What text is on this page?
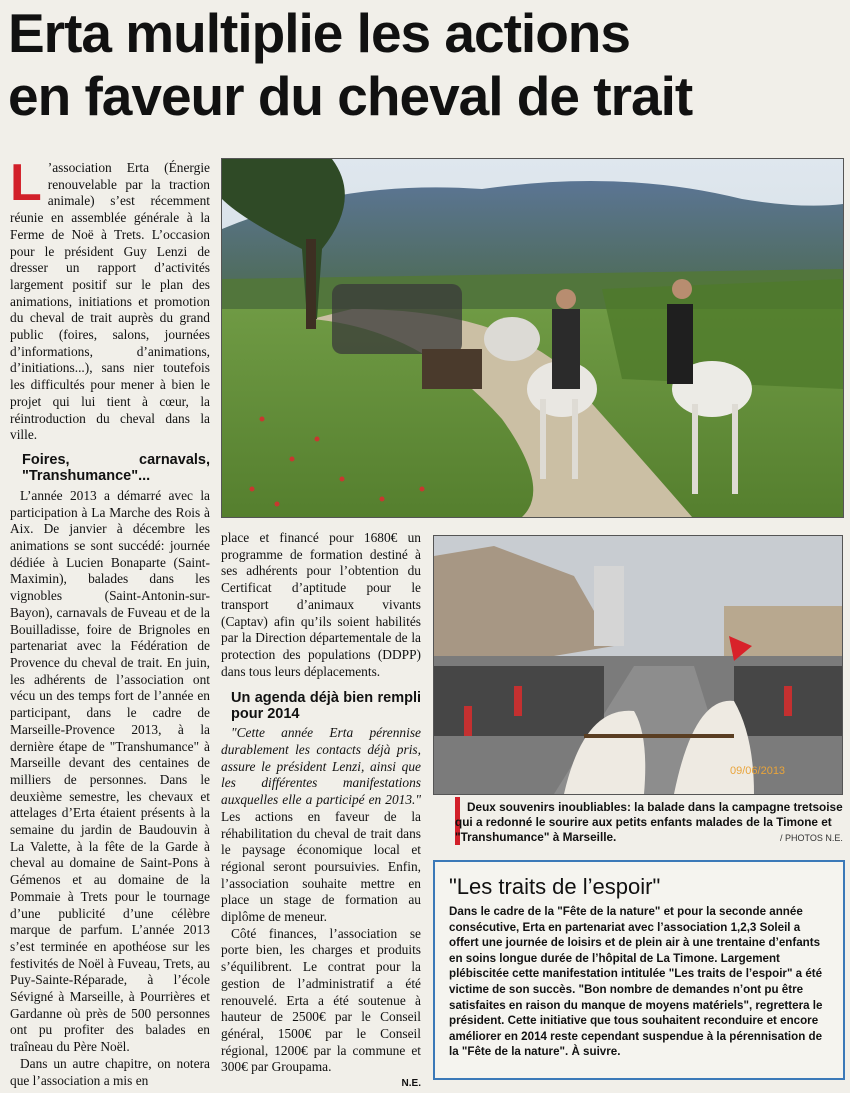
Erta multiplie les actions
en faveur du cheval de trait

L ’association Erta (Énergie renouvelable par la traction animale) s’est récemment réunie en assemblée générale à la Ferme de Noë à Trets. L’occasion pour le président Guy Lenzi de dresser un rapport d’activités largement positif sur le plan des animations, initiations et promotion du cheval de trait auprès du grand public (foires, salons, journées d’informations, d’animations, d’initiations...), sans nier toutefois les difficultés pour mener à bien le projet qui lui tient à cœur, la réintroduction du cheval dans la ville.

Foires, carnavals, "Transhumance"...

L’année 2013 a démarré avec la participation à La Marche des Rois à Aix. De janvier à décembre les animations se sont succédé: journée dédiée à Lucien Bonaparte (Saint-Maximin), balades dans les vignobles (Saint-Antonin-sur-Bayon), carnavals de Fuveau et de la Bouilladisse, foire de Brignoles en partenariat avec la Fédération de Provence du cheval de trait. En juin, les adhérents de l’association ont vécu un des temps fort de l’année en participant, dans le cadre de Marseille-Provence 2013, à la dernière étape de "Transhumance" à Marseille devant des centaines de milliers de personnes. Dans le deuxième semestre, les chevaux et attelages d’Erta étaient présents à la semaine du jardin de Baudouvin à La Valette, à la fête de la Garde à cheval au domaine de Saint-Pons à Gémenos et au domaine de la Pommaie à Trets pour le tournage d’une publicité d’une célèbre marque de parfum. L’année 2013 s’est terminée en apothéose sur les festivités de Noël à Fuveau, Trets, au Puy-Sainte-Réparade, à l’école Sévigné à Marseille, à Pourrières et Gardanne où près de 500 personnes ont pu profiter des balades en traîneau du Père Noël.

Dans un autre chapitre, on notera que l’association a mis en

place et financé pour 1680€ un programme de formation destiné à ses adhérents pour l’obtention du Certificat d’aptitude pour le transport d’animaux vivants (Captav) afin qu’ils soient habilités par la Direction départementale de la protection des populations (DDPP) dans tous leurs déplacements.

Un agenda déjà bien rempli pour 2014

"Cette année Erta pérennise durablement les contacts déjà pris, assure le président Lenzi, ainsi que les différentes manifestations auxquelles elle a participé en 2013." Les actions en faveur de la réhabilitation du cheval de trait dans le paysage économique local et régional seront poursuivies. Enfin, l’association souhaite mettre en place un stage de formation au diplôme de meneur.

Côté finances, l’association se porte bien, les charges et produits s’équilibrent. Le contrat pour la gestion de l’administratif a été renouvelé. Erta a été soutenue à hauteur de 2500€ par le Conseil général, 1500€ par le Conseil régional, 1200€ par la commune et 300€ par Groupama.

N.E.
09/06/2013
Deux souvenirs inoubliables: la balade dans la campagne tretsoise qui a redonné le sourire aux petits enfants malades de la Timone et "Transhumance" à Marseille.	/ PHOTOS N.E.
"Les traits de l’espoir"
Dans le cadre de la "Fête de la nature" et pour la seconde année consécutive, Erta en partenariat avec l’association 1,2,3 Soleil a offert une journée de loisirs et de plein air à une trentaine d’enfants en soins longue durée de l’hôpital de La Timone. Largement plébiscitée cette manifestation intitulée "Les traits de l’espoir" a été victime de son succès. "Bon nombre de demandes n’ont pu être satisfaites en raison du manque de moyens matériels", regrettera le président. Cette initiative que tous souhaitent reconduire et encore améliorer en 2014 reste cependant suspendue à la pérennisation de la "Fête de la nature". À suivre.
